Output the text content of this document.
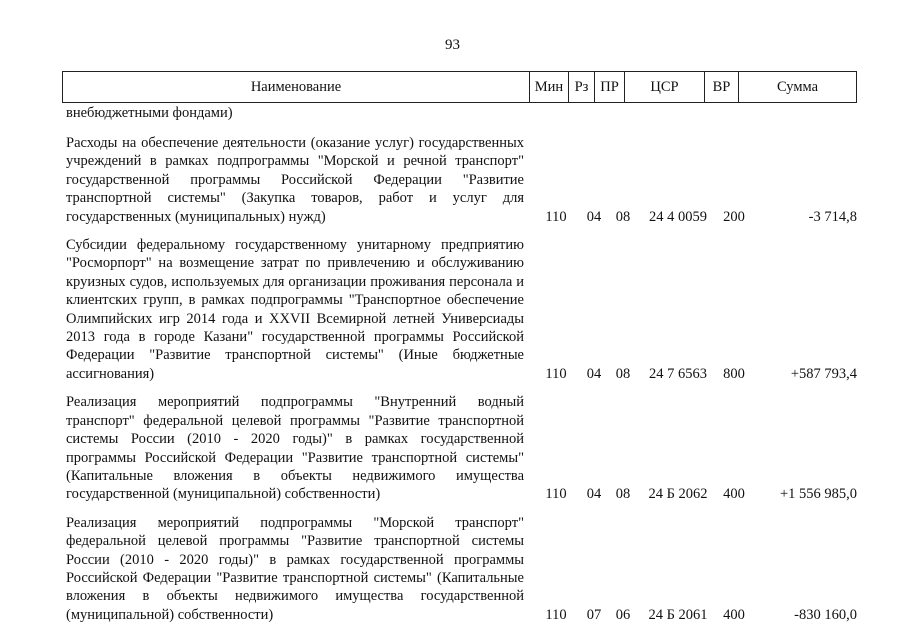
93
Наименование	Мин Рз ПР	ЦСР	ВР	Сумма
внебюджетными фондами)
Расходы на обеспечение деятельности (оказание услуг) государственных учреждений в рамках подпрограммы "Морской и речной транспорт" государственной программы Российской Федерации "Развитие транспортной системы" (Закупка товаров, работ и услуг для государственных (муниципальных) нужд)	110	04	08	24 4 0059	200	-3 714,8
Субсидии федеральному государственному унитарному предприятию "Росморпорт" на возмещение затрат по привлечению и обслуживанию круизных судов, используемых для организации проживания персонала и клиентских групп, в рамках подпрограммы "Транспортное обеспечение Олимпийских игр 2014 года и XXVII Всемирной летней Универсиады 2013 года в городе Казани" государственной программы Российской Федерации "Развитие транспортной системы" (Иные бюджетные ассигнования)	110	04	08	24 7 6563	800	+587 793,4
Реализация мероприятий подпрограммы "Внутренний водный транспорт" федеральной целевой программы "Развитие транспортной системы России (2010 - 2020 годы)" в рамках государственной программы Российской Федерации "Развитие транспортной системы" (Капитальные вложения в объекты недвижимого имущества государственной (муниципальной) собственности)	110	04	08	24 Б 2062	400	+1 556 985,0
Реализация мероприятий подпрограммы "Морской транспорт" федеральной целевой программы "Развитие транспортной системы России (2010 - 2020 годы)" в рамках государственной программы Российской Федерации "Развитие транспортной системы" (Капитальные вложения в объекты недвижимого имущества государственной (муниципальной) собственности)	110	07	06	24 Б 2061	400	-830 160,0
